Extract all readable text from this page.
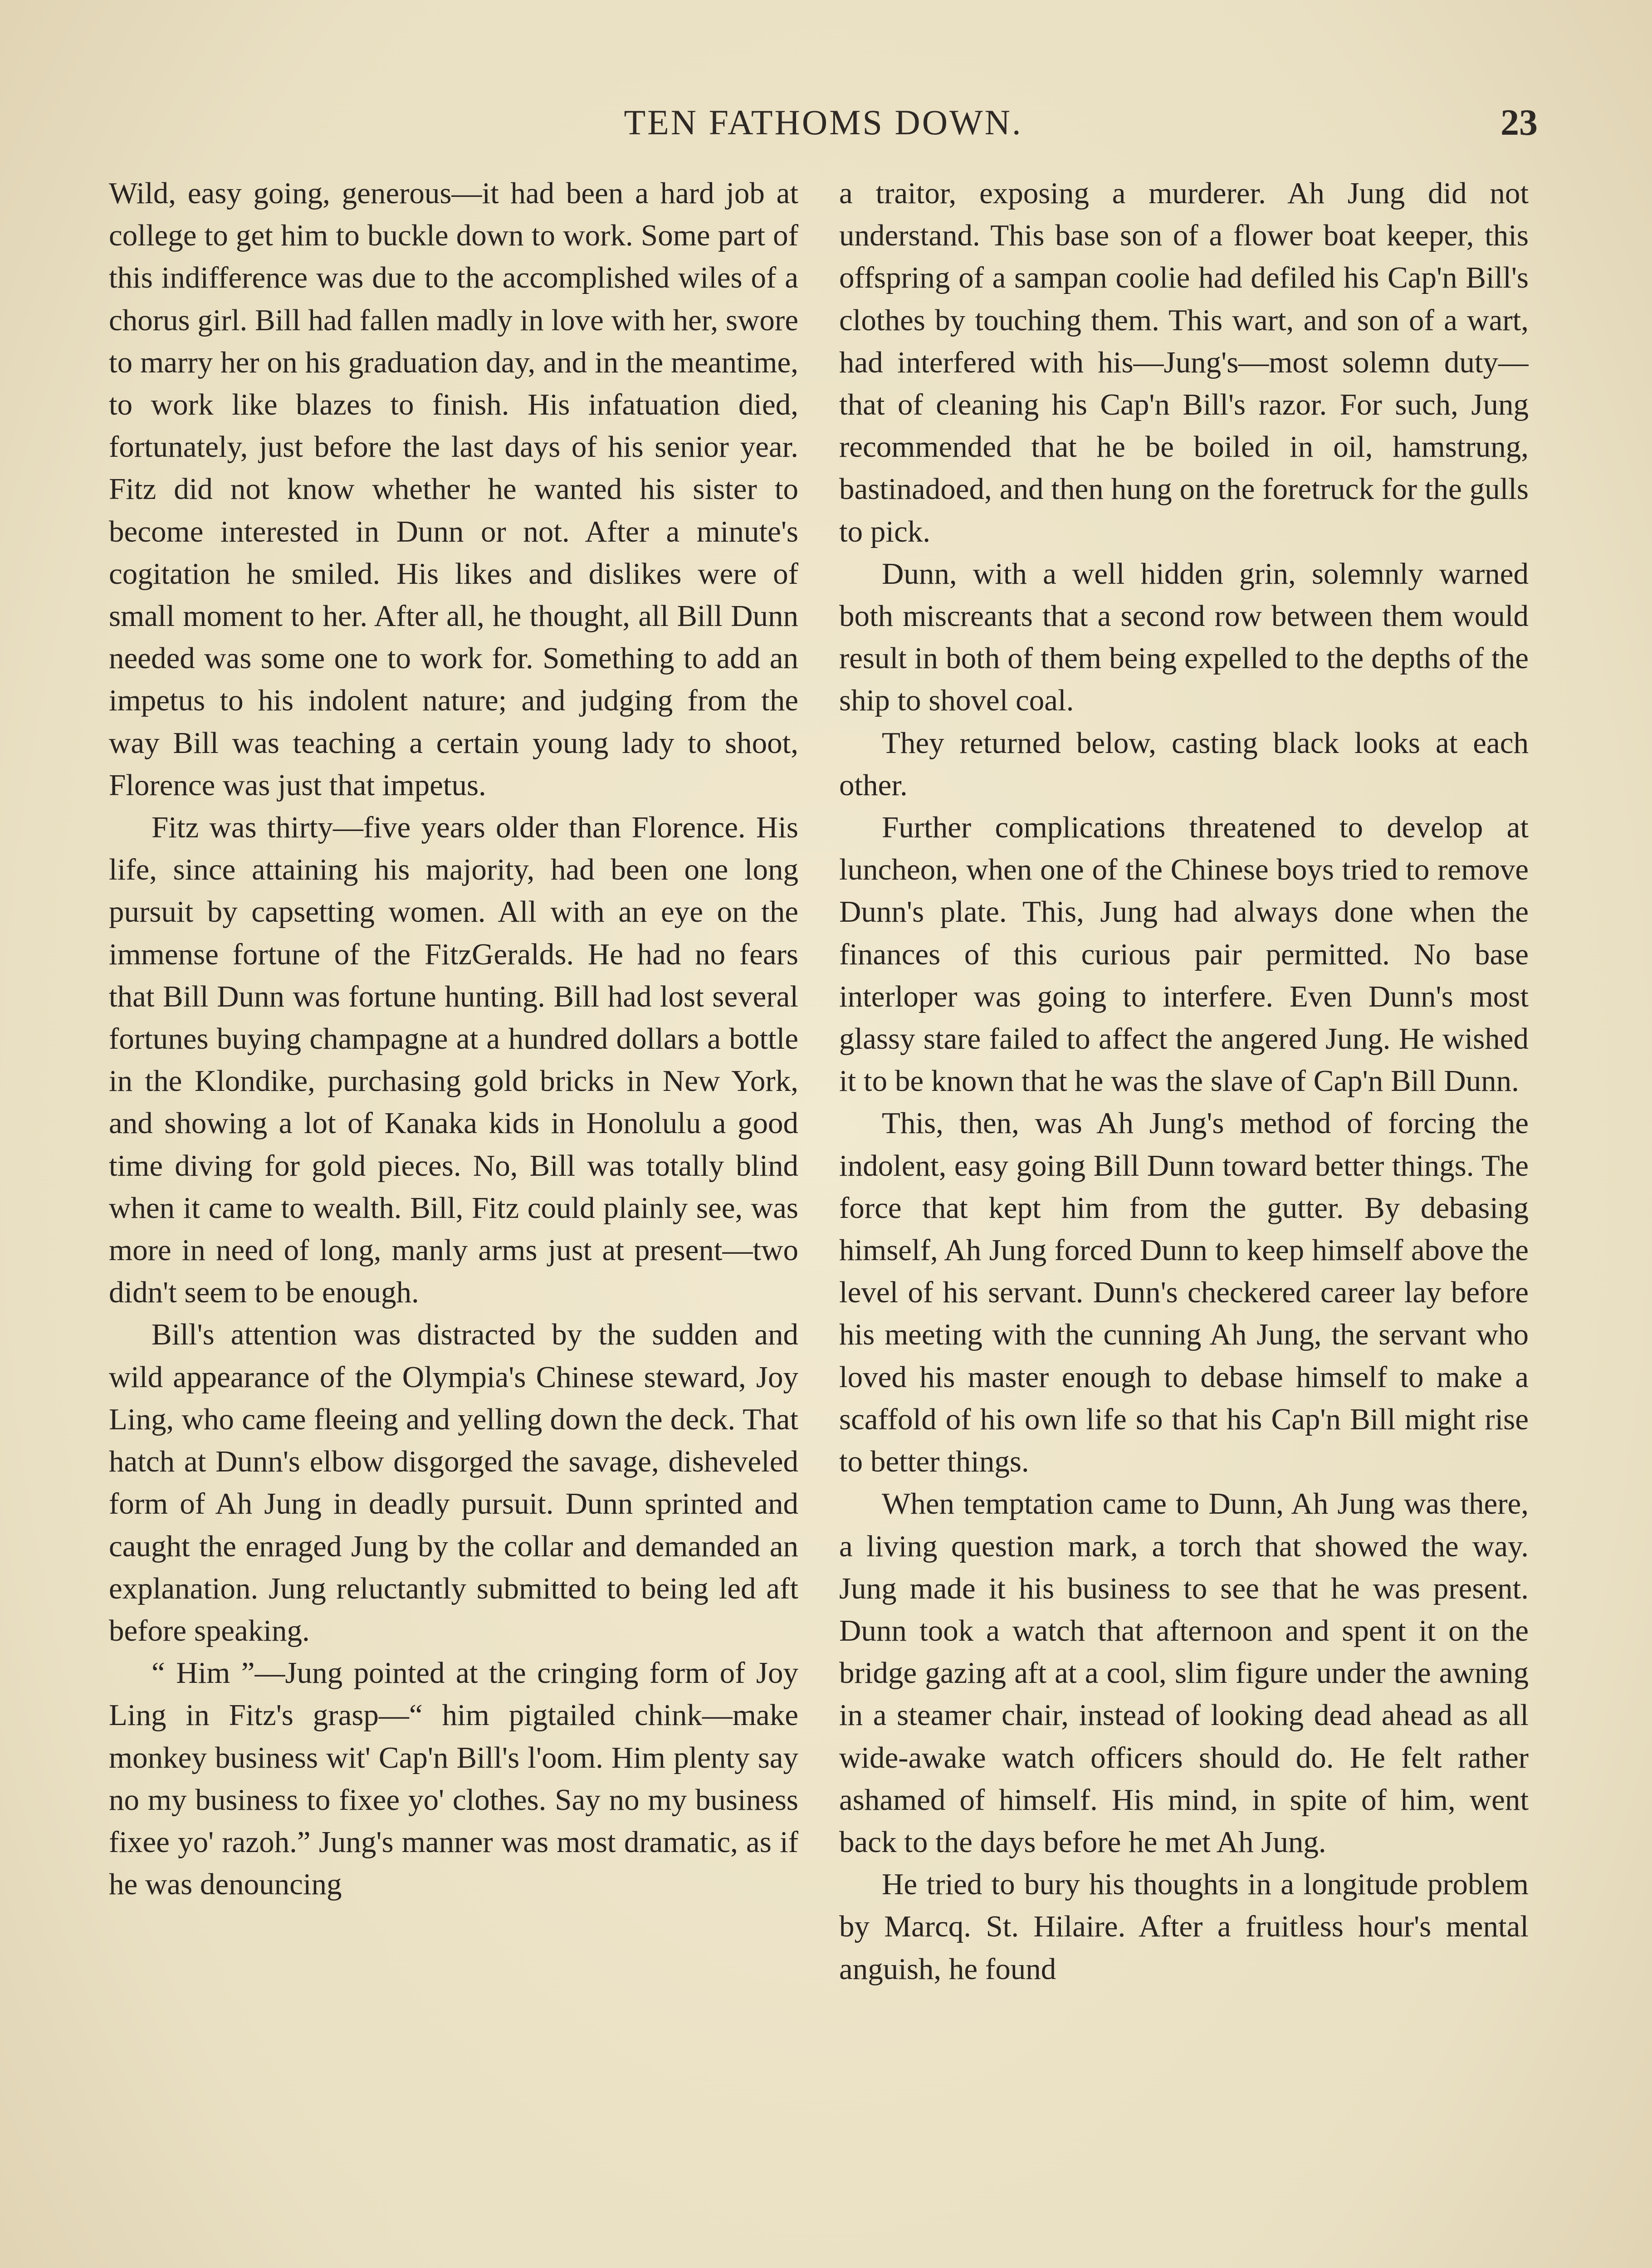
TEN FATHOMS DOWN.	23

Wild, easy going, generous—it had been a hard job at college to get him to buckle down to work. Some part of this indifference was due to the accomplished wiles of a chorus girl. Bill had fallen madly in love with her, swore to marry her on his graduation day, and in the meantime, to work like blazes to finish. His infatuation died, fortunately, just before the last days of his senior year. Fitz did not know whether he wanted his sister to become interested in Dunn or not. After a minute's cogitation he smiled. His likes and dislikes were of small moment to her. After all, he thought, all Bill Dunn needed was some one to work for. Something to add an impetus to his indolent nature; and judging from the way Bill was teaching a certain young lady to shoot, Florence was just that impetus.

Fitz was thirty—five years older than Florence. His life, since attaining his majority, had been one long pursuit by capsetting women. All with an eye on the immense fortune of the FitzGeralds. He had no fears that Bill Dunn was fortune hunting. Bill had lost several fortunes buying champagne at a hundred dollars a bottle in the Klondike, purchasing gold bricks in New York, and showing a lot of Kanaka kids in Honolulu a good time diving for gold pieces. No, Bill was totally blind when it came to wealth. Bill, Fitz could plainly see, was more in need of long, manly arms just at present—two didn't seem to be enough.

Bill's attention was distracted by the sudden and wild appearance of the Olympia's Chinese steward, Joy Ling, who came fleeing and yelling down the deck. That hatch at Dunn's elbow disgorged the savage, disheveled form of Ah Jung in deadly pursuit. Dunn sprinted and caught the enraged Jung by the collar and demanded an explanation. Jung reluctantly submitted to being led aft before speaking.

“ Him ”—Jung pointed at the cringing form of Joy Ling in Fitz's grasp—“ him pigtailed chink—make monkey business wit' Cap'n Bill's l'oom. Him plenty say no my business to fixee yo' clothes. Say no my business fixee yo' razoh.” Jung's manner was most dramatic, as if he was denouncing

a traitor, exposing a murderer. Ah Jung did not understand. This base son of a flower boat keeper, this offspring of a sampan coolie had defiled his Cap'n Bill's clothes by touching them. This wart, and son of a wart, had interfered with his—Jung's—most solemn duty—that of cleaning his Cap'n Bill's razor. For such, Jung recommended that he be boiled in oil, hamstrung, bastinadoed, and then hung on the foretruck for the gulls to pick.

Dunn, with a well hidden grin, solemnly warned both miscreants that a second row between them would result in both of them being expelled to the depths of the ship to shovel coal.

They returned below, casting black looks at each other.

Further complications threatened to develop at luncheon, when one of the Chinese boys tried to remove Dunn's plate. This, Jung had always done when the finances of this curious pair permitted. No base interloper was going to interfere. Even Dunn's most glassy stare failed to affect the angered Jung. He wished it to be known that he was the slave of Cap'n Bill Dunn.

This, then, was Ah Jung's method of forcing the indolent, easy going Bill Dunn toward better things. The force that kept him from the gutter. By debasing himself, Ah Jung forced Dunn to keep himself above the level of his servant. Dunn's checkered career lay before his meeting with the cunning Ah Jung, the servant who loved his master enough to debase himself to make a scaffold of his own life so that his Cap'n Bill might rise to better things.

When temptation came to Dunn, Ah Jung was there, a living question mark, a torch that showed the way. Jung made it his business to see that he was present. Dunn took a watch that afternoon and spent it on the bridge gazing aft at a cool, slim figure under the awning in a steamer chair, instead of looking dead ahead as all wide-awake watch officers should do. He felt rather ashamed of himself. His mind, in spite of him, went back to the days before he met Ah Jung.

He tried to bury his thoughts in a longitude problem by Marcq. St. Hilaire. After a fruitless hour's mental anguish, he found
